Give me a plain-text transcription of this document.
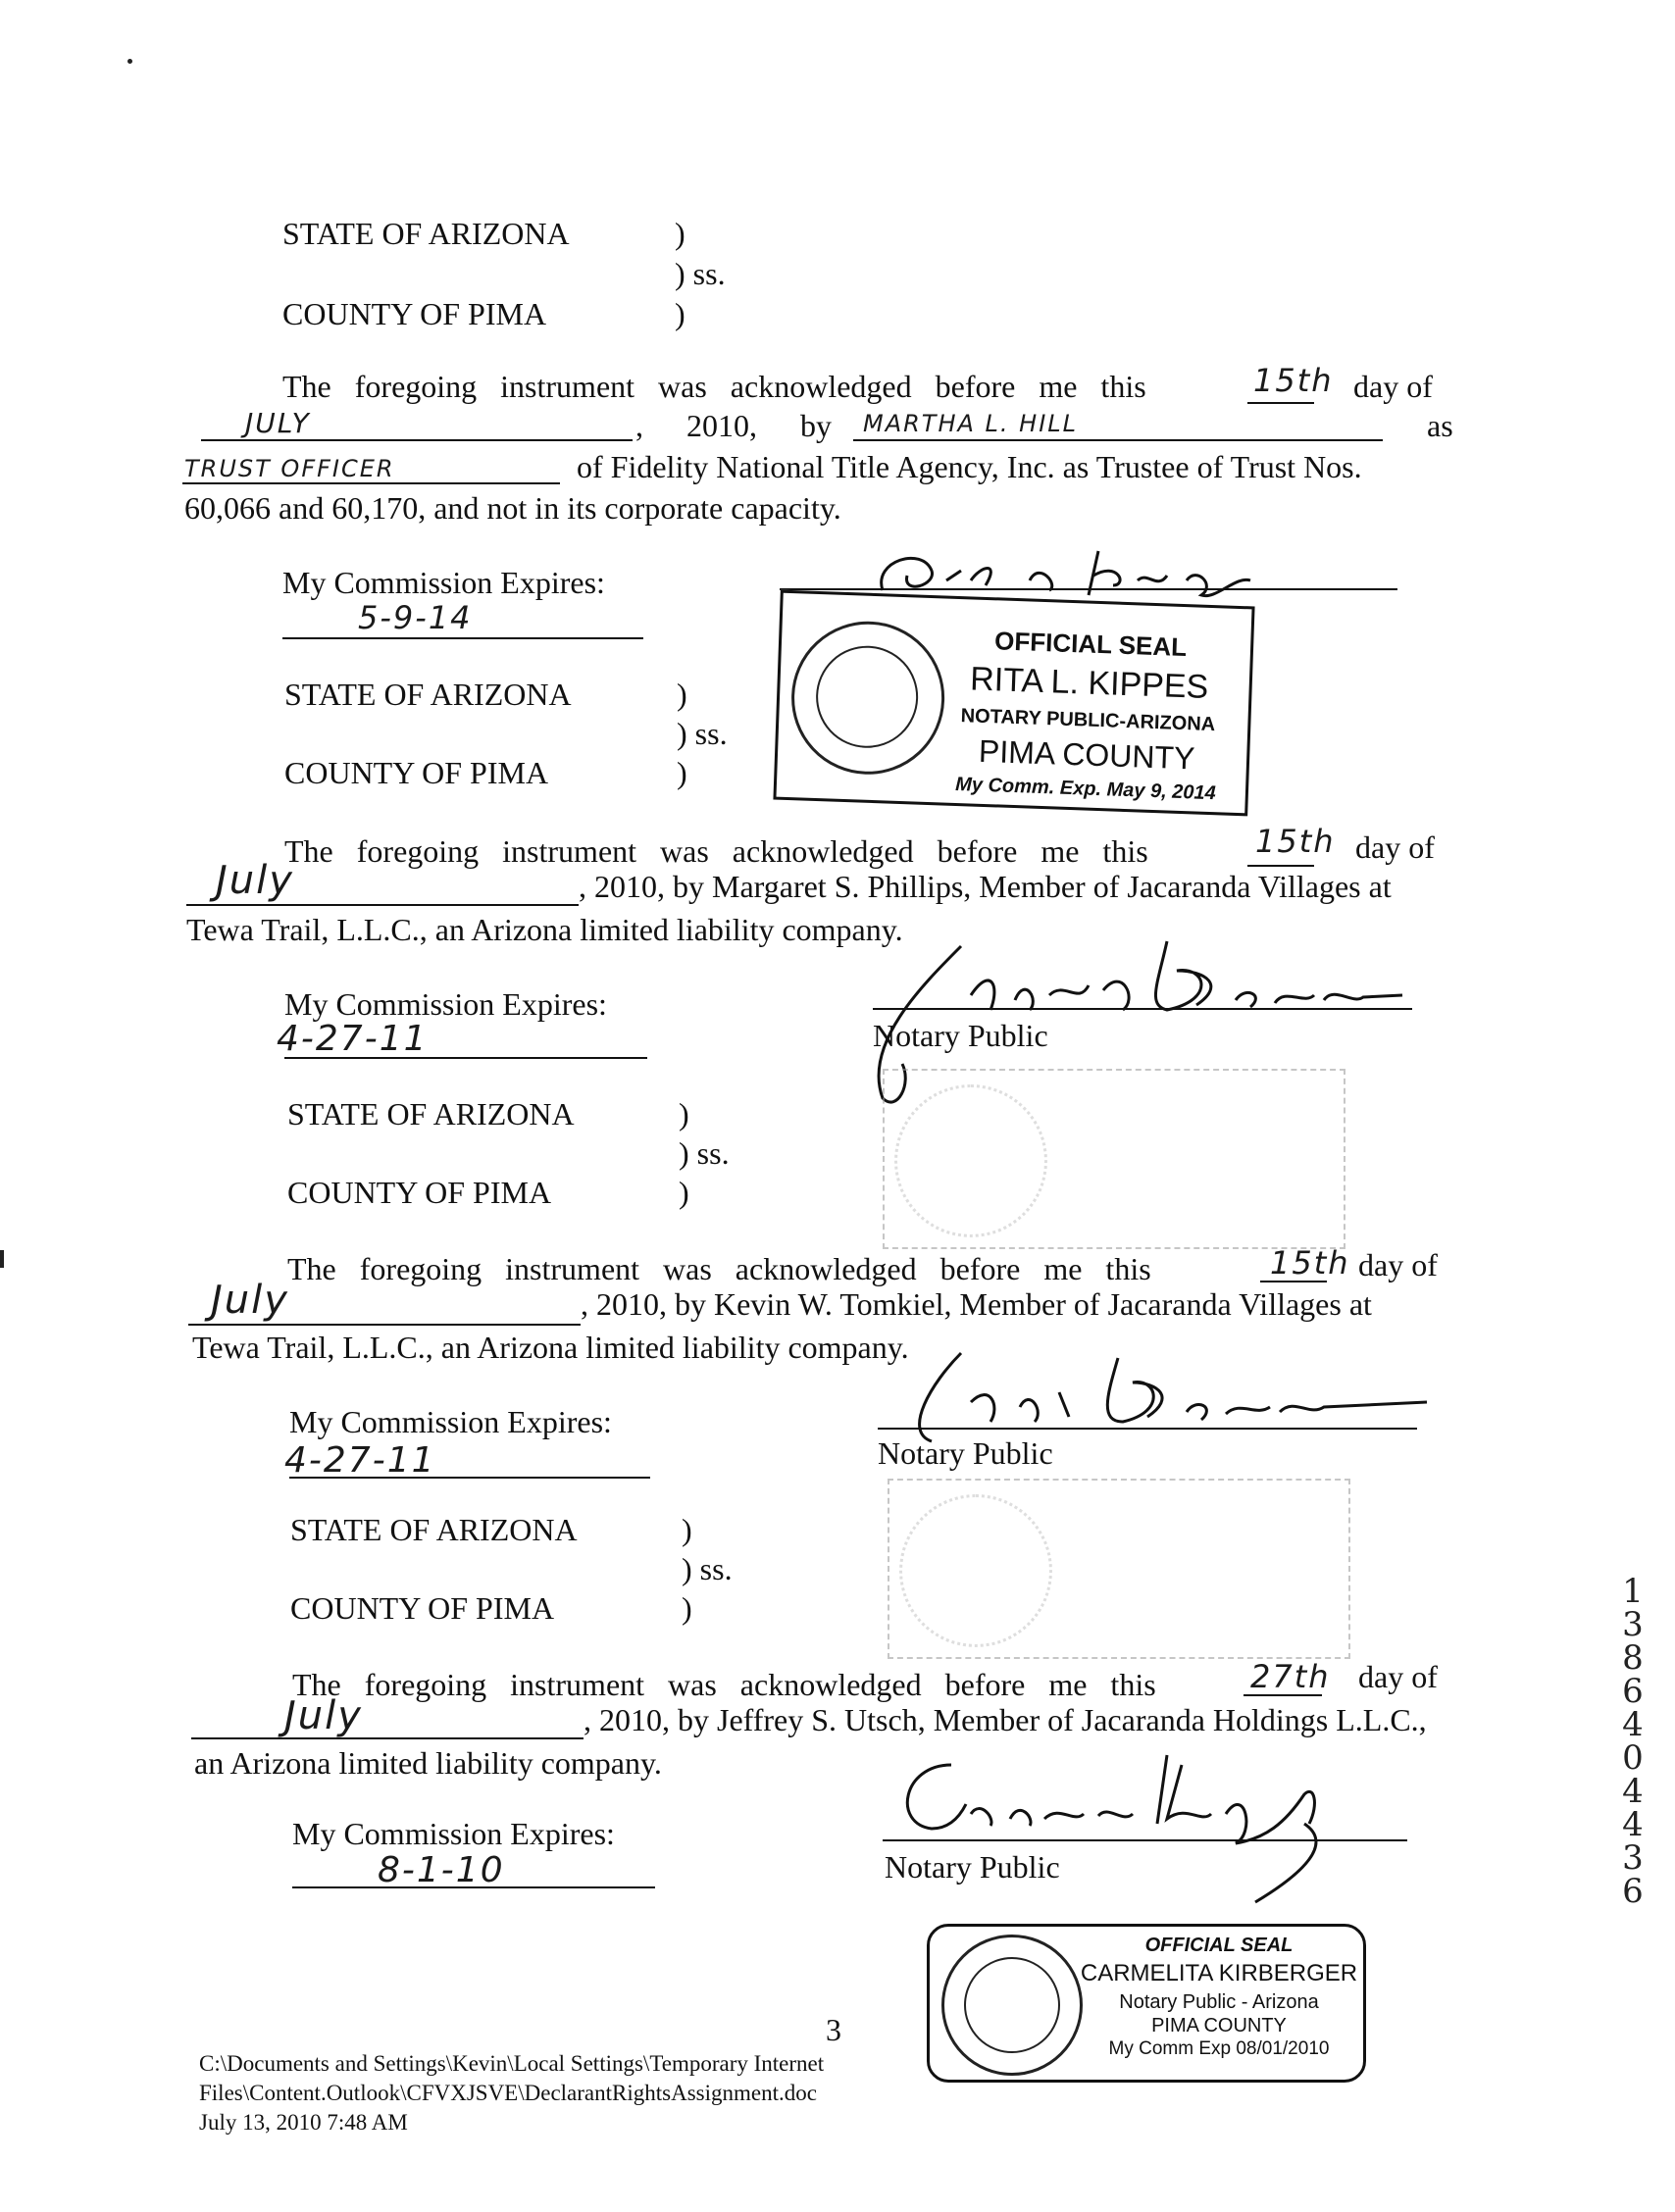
STATE OF ARIZONA	)
) ss.
COUNTY OF PIMA	)
The foregoing instrument was acknowledged before me this	15th day of
JULY	, 2010, by MARTHA L. HILL	as
TRUST OFFICER	of Fidelity National Title Agency, Inc. as Trustee of Trust Nos.
60,066 and 60,170, and not in its corporate capacity.
My Commission Expires:
5-9-14
OFFICIAL SEAL
RITA L. KIPPES
NOTARY PUBLIC-ARIZONA
PIMA COUNTY
My Comm. Exp. May 9, 2014
STATE OF ARIZONA	)
) ss.
COUNTY OF PIMA	)
The foregoing instrument was acknowledged before me this	15th day of
July	, 2010, by Margaret S. Phillips, Member of Jacaranda Villages at
Tewa Trail, L.L.C., an Arizona limited liability company.
My Commission Expires:
4-27-11	Notary Public
STATE OF ARIZONA	)
) ss.
COUNTY OF PIMA	)
The foregoing instrument was acknowledged before me this	15th day of
July	, 2010, by Kevin W. Tomkiel, Member of Jacaranda Villages at
Tewa Trail, L.L.C., an Arizona limited liability company.
My Commission Expires:
4-27-11	Notary Public
STATE OF ARIZONA	)
) ss.
COUNTY OF PIMA	)
The foregoing instrument was acknowledged before me this	27th day of
July	, 2010, by Jeffrey S. Utsch, Member of Jacaranda Holdings L.L.C.,
an Arizona limited liability company.
My Commission Expires:
8-1-10	Notary Public
OFFICIAL SEAL
CARMELITA KIRBERGER
Notary Public - Arizona
PIMA COUNTY
My Comm Exp 08/01/2010
3
C:\Documents and Settings\Kevin\Local Settings\Temporary Internet
Files\Content.Outlook\CFVXJSVE\DeclarantRightsAssignment.doc
July 13, 2010 7:48 AM
1
3
8
6
4
0
4
4
3
6
